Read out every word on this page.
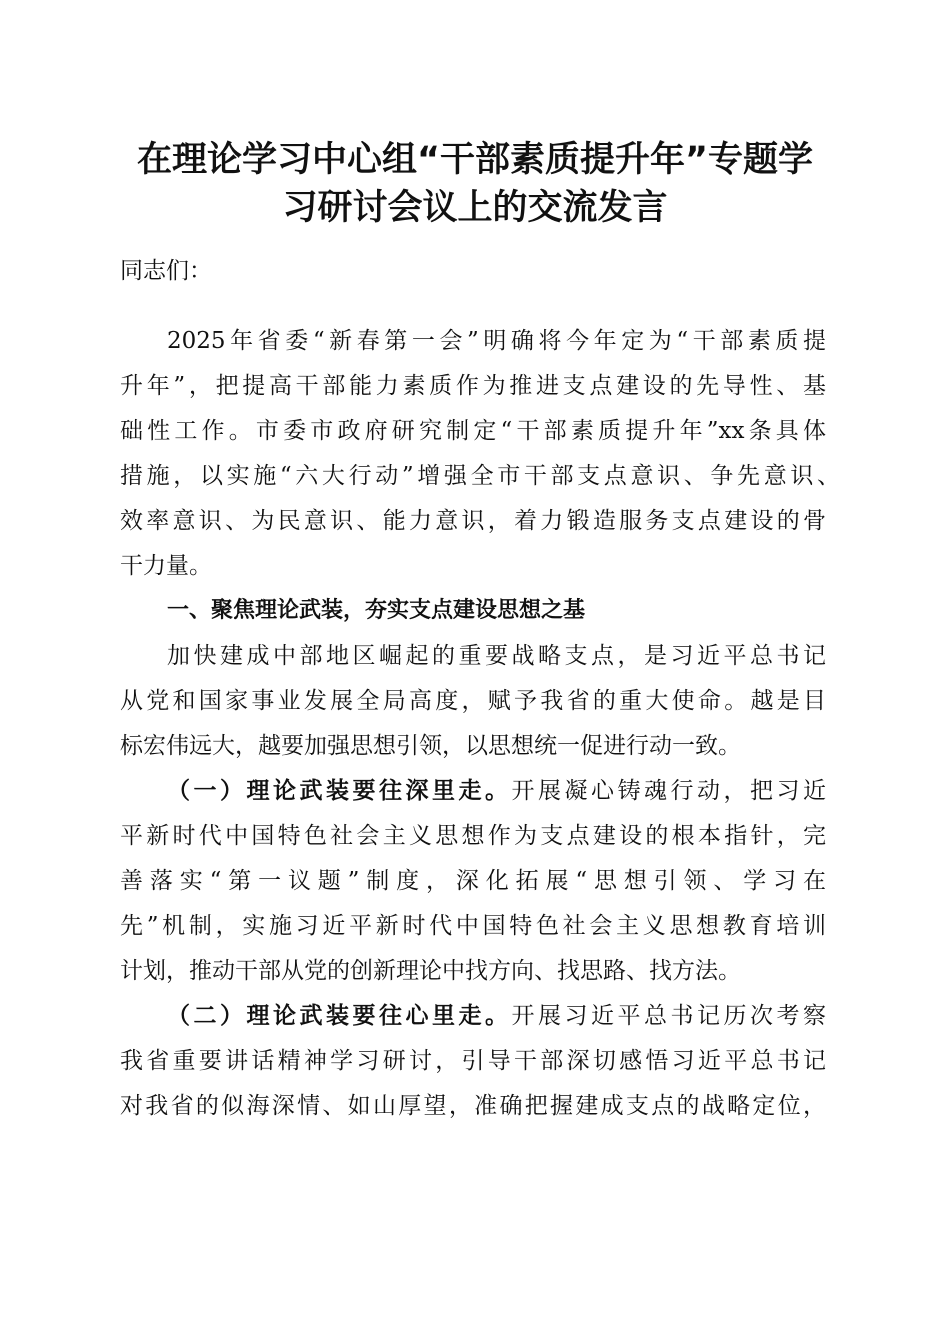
在理论学习中心组“干部素质提升年”专题学
习研讨会议上的交流发言

同志们：

2025年省委“新春第一会”明确将今年定为“干部素质提

升年”，把提高干部能力素质作为推进支点建设的先导性、基

础性工作。市委市政府研究制定“干部素质提升年”xx条具体

措施，以实施“六大行动”增强全市干部支点意识、争先意识、

效率意识、为民意识、能力意识，着力锻造服务支点建设的骨

干力量。

一、聚焦理论武装，夯实支点建设思想之基

加快建成中部地区崛起的重要战略支点，是习近平总书记

从党和国家事业发展全局高度，赋予我省的重大使命。越是目

标宏伟远大，越要加强思想引领，以思想统一促进行动一致。

（一）理论武装要往深里走。开展凝心铸魂行动，把习近

平新时代中国特色社会主义思想作为支点建设的根本指针，完

善落实“第一议题”制度，深化拓展“思想引领、学习在

先”机制，实施习近平新时代中国特色社会主义思想教育培训

计划，推动干部从党的创新理论中找方向、找思路、找方法。

（二）理论武装要往心里走。开展习近平总书记历次考察

我省重要讲话精神学习研讨，引导干部深切感悟习近平总书记

对我省的似海深情、如山厚望，准确把握建成支点的战略定位，
